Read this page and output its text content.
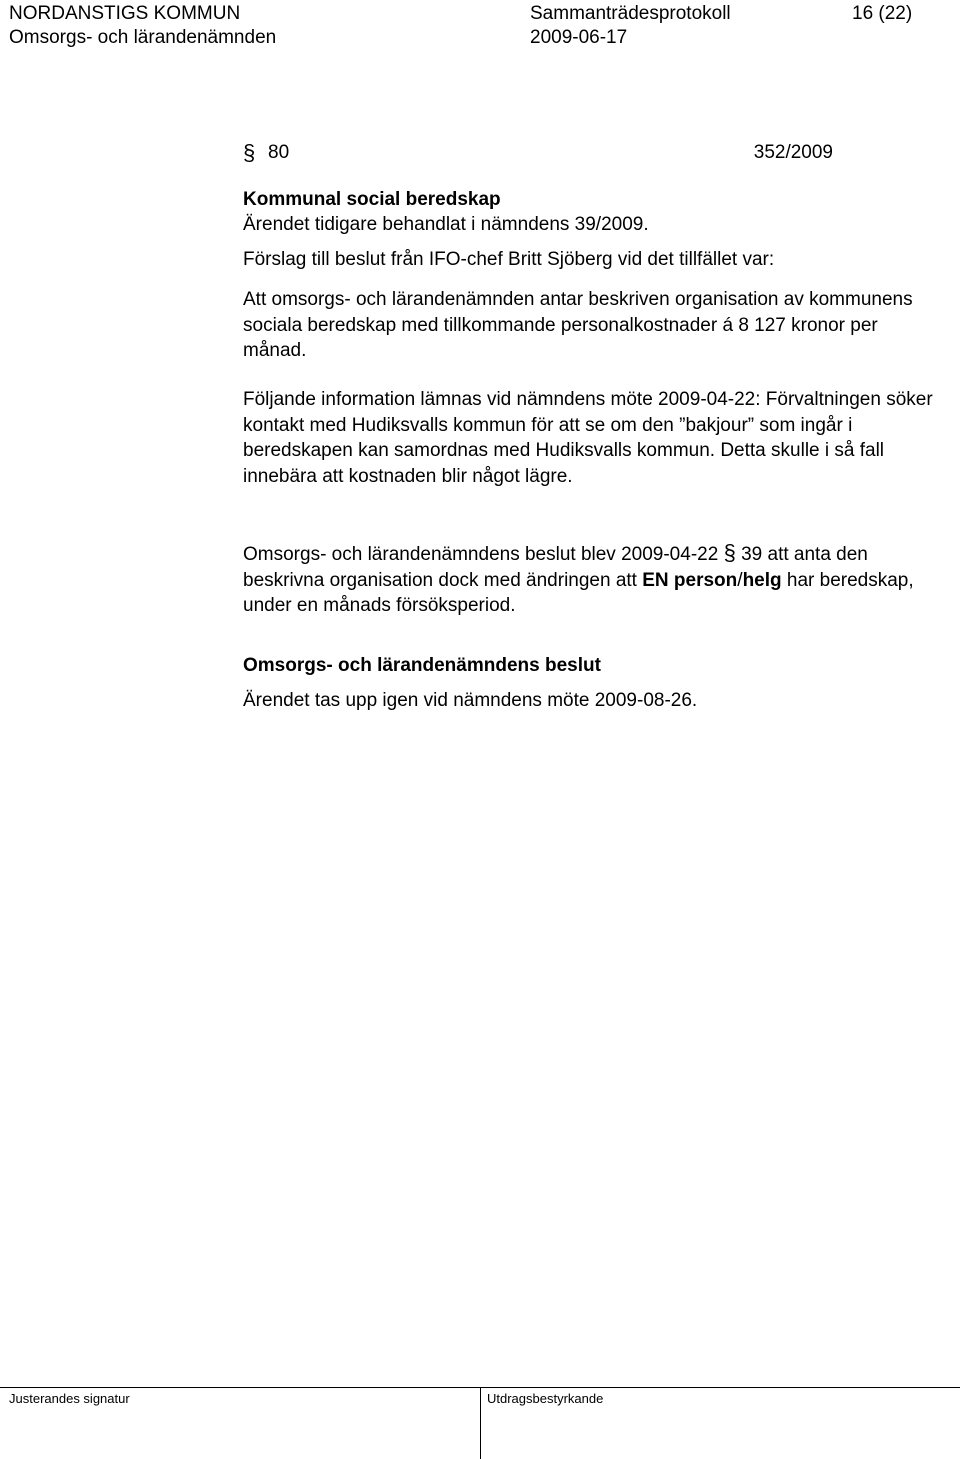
NORDANSTIGS KOMMUN	Sammanträdesprotokoll	16 (22)
Omsorgs- och lärandenämnden	2009-06-17
§ 80	352/2009

Kommunal social beredskap

Ärendet tidigare behandlat i nämndens 39/2009.

Förslag till beslut från IFO-chef Britt Sjöberg vid det tillfället var:

Att omsorgs- och lärandenämnden antar beskriven organisation av kommunens sociala beredskap med tillkommande personalkostnader á 8 127 kronor per månad.

Följande information lämnas vid nämndens möte 2009-04-22: Förvaltningen söker kontakt med Hudiksvalls kommun för att se om den ”bakjour” som ingår i beredskapen kan samordnas med Hudiksvalls kommun. Detta skulle i så fall innebära att kostnaden blir något lägre.

Omsorgs- och lärandenämndens beslut blev 2009-04-22 § 39 att anta den beskrivna organisation dock med ändringen att EN person/helg har beredskap, under en månads försöksperiod.

Omsorgs- och lärandenämndens beslut

Ärendet tas upp igen vid nämndens möte 2009-08-26.

Justerandes signatur	Utdragsbestyrkande
